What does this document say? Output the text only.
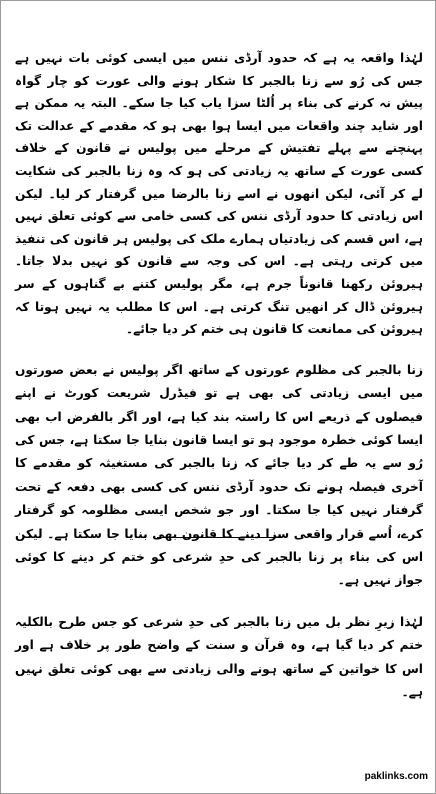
لہٰذا واقعہ یہ ہے کہ حدود آرڈی ننس میں ایسی کوئی بات نہیں ہے جس کی رُو سے زنا بالجبر کا شکار ہونے والی عورت کو چار گواہ پیش نہ کرنے کی بناء پر اُلٹا سزا یاب کیا جا سکے۔ البتہ یہ ممکن ہے اور شاید چند واقعات میں ایسا ہوا بھی ہو کہ مقدمے کے عدالت تک پہنچنے سے پہلے تفتیش کے مرحلے میں پولیس نے قانون کے خلاف کسی عورت کے ساتھ یہ زیادتی کی ہو کہ وہ زنا بالجبر کی شکایت لے کر آئی، لیکن انھوں نے اسے زنا بالرضا میں گرفتار کر لیا۔ لیکن اس زیادتی کا حدود آرڈی ننس کی کسی خامی سے کوئی تعلق نہیں ہے، اس قسم کی زیادتیاں ہمارے ملک کی پولیس ہر قانون کی تنفیذ میں کرتی رہتی ہے۔ اس کی وجہ سے قانون کو نہیں بدلا جاتا۔ ہیروئن رکھنا قانوناً جرم ہے، مگر پولیس کتنے بے گناہوں کے سر ہیروئن ڈال کر انھیں تنگ کرتی ہے۔ اس کا مطلب یہ نہیں ہوتا کہ ہیروئن کی ممانعت کا قانون ہی ختم کر دیا جائے۔

زنا بالجبر کی مظلوم عورتوں کے ساتھ اگر پولیس نے بعض صورتوں میں ایسی زیادتی کی بھی ہے تو فیڈرل شریعت کورٹ نے اپنے فیصلوں کے ذریعے اس کا راستہ بند کیا ہے، اور اگر بالفرض اب بھی ایسا کوئی خطرہ موجود ہو تو ایسا قانون بنایا جا سکتا ہے، جس کی رُو سے یہ طے کر دیا جائے کہ زنا بالجبر کی مستغیثہ کو مقدمے کا آخری فیصلہ ہونے تک حدود آرڈی ننس کی کسی بھی دفعہ کے تحت گرفتار نہیں کیا جا سکتا۔ اور جو شخص ایسی مظلومہ کو گرفتار کرے، اُسے قرار واقعی سزا دینے کا قانون بھی بنایا جا سکتا ہے۔ لیکن اس کی بناء پر زنا بالجبر کی حدِ شرعی کو ختم کر دینے کا کوئی جواز نہیں ہے۔

لہٰذا زیرِ نظر بل میں زنا بالجبر کی حدِ شرعی کو جس طرح بالکلیہ ختم کر دیا گیا ہے، وہ قرآن و سنت کے واضح طور پر خلاف ہے اور اس کا خواتین کے ساتھ ہونے والی زیادتی سے بھی کوئی تعلق نہیں ہے۔

paklinks.com
